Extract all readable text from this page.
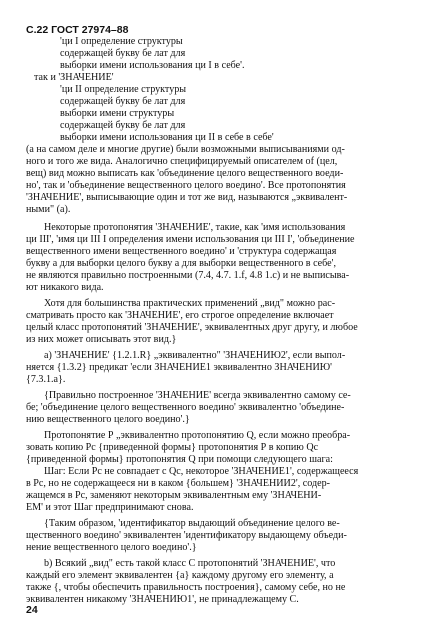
С.22 ГОСТ 27974–88
'ци I определение структуры
содержащей букву бе лат для
выборки имени использования ци I в себе'.
так и 'ЗНАЧЕНИЕ'
'ци II определение структуры
содержащей букву бе лат для
выборки имени структуры
содержащей букву бе лат для
выборки имени использования ци II в себе в себе'
(а на самом деле и многие другие) были возможными выписываниями од-
ного и того же вида. Аналогично специфицируемый описателем of (цел,
вещ) вид можно выписать как 'объединение целого вещественного воеди-
но', так и 'объединение вещественного целого воедино'. Все протопонятия
'ЗНАЧЕНИЕ', выписывающие один и тот же вид, называются „эквивалент-
ными" (а).
Некоторые протопонятия 'ЗНАЧЕНИЕ', такие, как 'имя использования
ци III', 'имя ци III I определения имени использования ци III I', 'объединение
вещественного имени вещественного воедино' и 'структура содержащая
букву а для выборки целого букву а для выборки вещественного в себе',
не являются правильно построенными (7.4, 4.7. 1.f, 4.8 1.c) и не выписыва-
ют никакого вида.
Хотя для большинства практических применений „вид" можно рас-
сматривать просто как 'ЗНАЧЕНИЕ', его строгое определение включает
целый класс протопонятий 'ЗНАЧЕНИЕ', эквивалентных друг другу, и любое
из них может описывать этот вид.}
a) 'ЗНАЧЕНИЕ' {1.2.1.R} „эквивалентно" 'ЗНАЧЕНИЮ2', если выпол-
няется {1.3.2} предикат 'если ЗНАЧЕНИЕ1 эквивалентно ЗНАЧЕНИЮ'
{7.3.1.a}.
{Правильно построенное 'ЗНАЧЕНИЕ' всегда эквивалентно самому се-
бе; 'объединение целого вещественного воедино' эквивалентно 'объедине-
нию вещественного целого воедино'.}
Протопонятие Р „эквивалентно протопонятию Q, если можно преобра-
зовать копию Рс {приведенной формы} протопонятия Р в копию Qc
{приведенной формы} протопонятия Q при помощи следующего шага:
Шаг: Если Рс не совпадает с Qc, некоторое 'ЗНАЧЕНИЕ1', содержащееся
в Рс, но не содержащееся ни в каком {большем} 'ЗНАЧЕНИИ2', содер-
жащемся в Рс, заменяют некоторым эквивалентным ему 'ЗНАЧЕНИ-
ЕМ' и этот Шаг предпринимают снова.
{Таким образом, 'идентификатор выдающий объединение целого ве-
щественного воедино' эквивалентен 'идентификатору выдающему объеди-
нение вещественного целого воедино'.}
b) Всякий „вид" есть такой класс С протопонятий 'ЗНАЧЕНИЕ', что
каждый его элемент эквивалентен {a} каждому другому его элементу, а
также {, чтобы обеспечить правильность построения}, самому себе, но не
эквивалентен никакому 'ЗНАЧЕНИЮ1', не принадлежащему С.
24
